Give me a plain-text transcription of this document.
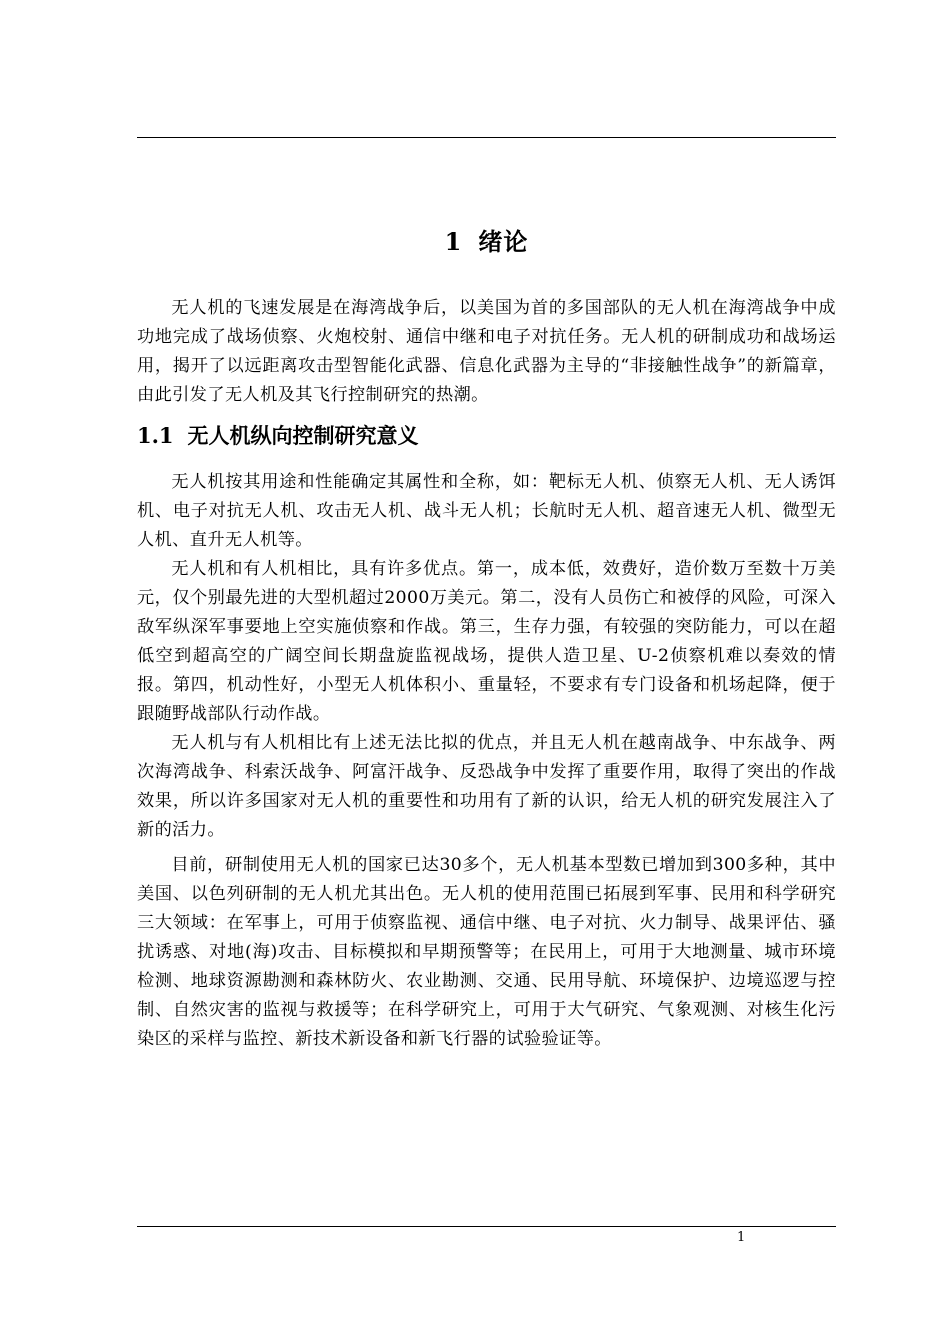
1 绪论

无人机的飞速发展是在海湾战争后，以美国为首的多国部队的无人机在海湾战争中成功地完成了战场侦察、火炮校射、通信中继和电子对抗任务。无人机的研制成功和战场运用，揭开了以远距离攻击型智能化武器、信息化武器为主导的“非接触性战争”的新篇章，由此引发了无人机及其飞行控制研究的热潮。

1.1 无人机纵向控制研究意义

无人机按其用途和性能确定其属性和全称，如：靶标无人机、侦察无人机、无人诱饵机、电子对抗无人机、攻击无人机、战斗无人机；长航时无人机、超音速无人机、微型无人机、直升无人机等。

无人机和有人机相比，具有许多优点。第一，成本低，效费好，造价数万至数十万美元，仅个别最先进的大型机超过2000万美元。第二，没有人员伤亡和被俘的风险，可深入敌军纵深军事要地上空实施侦察和作战。第三，生存力强，有较强的突防能力，可以在超低空到超高空的广阔空间长期盘旋监视战场，提供人造卫星、U-2侦察机难以奏效的情报。第四，机动性好，小型无人机体积小、重量轻，不要求有专门设备和机场起降，便于跟随野战部队行动作战。

无人机与有人机相比有上述无法比拟的优点，并且无人机在越南战争、中东战争、两次海湾战争、科索沃战争、阿富汗战争、反恐战争中发挥了重要作用，取得了突出的作战效果，所以许多国家对无人机的重要性和功用有了新的认识，给无人机的研究发展注入了新的活力。

目前，研制使用无人机的国家已达30多个，无人机基本型数已增加到300多种，其中美国、以色列研制的无人机尤其出色。无人机的使用范围已拓展到军事、民用和科学研究三大领域：在军事上，可用于侦察监视、通信中继、电子对抗、火力制导、战果评估、骚扰诱惑、对地(海)攻击、目标模拟和早期预警等；在民用上，可用于大地测量、城市环境检测、地球资源勘测和森林防火、农业勘测、交通、民用导航、环境保护、边境巡逻与控制、自然灾害的监视与救援等；在科学研究上，可用于大气研究、气象观测、对核生化污染区的采样与监控、新技术新设备和新飞行器的试验验证等。

1
